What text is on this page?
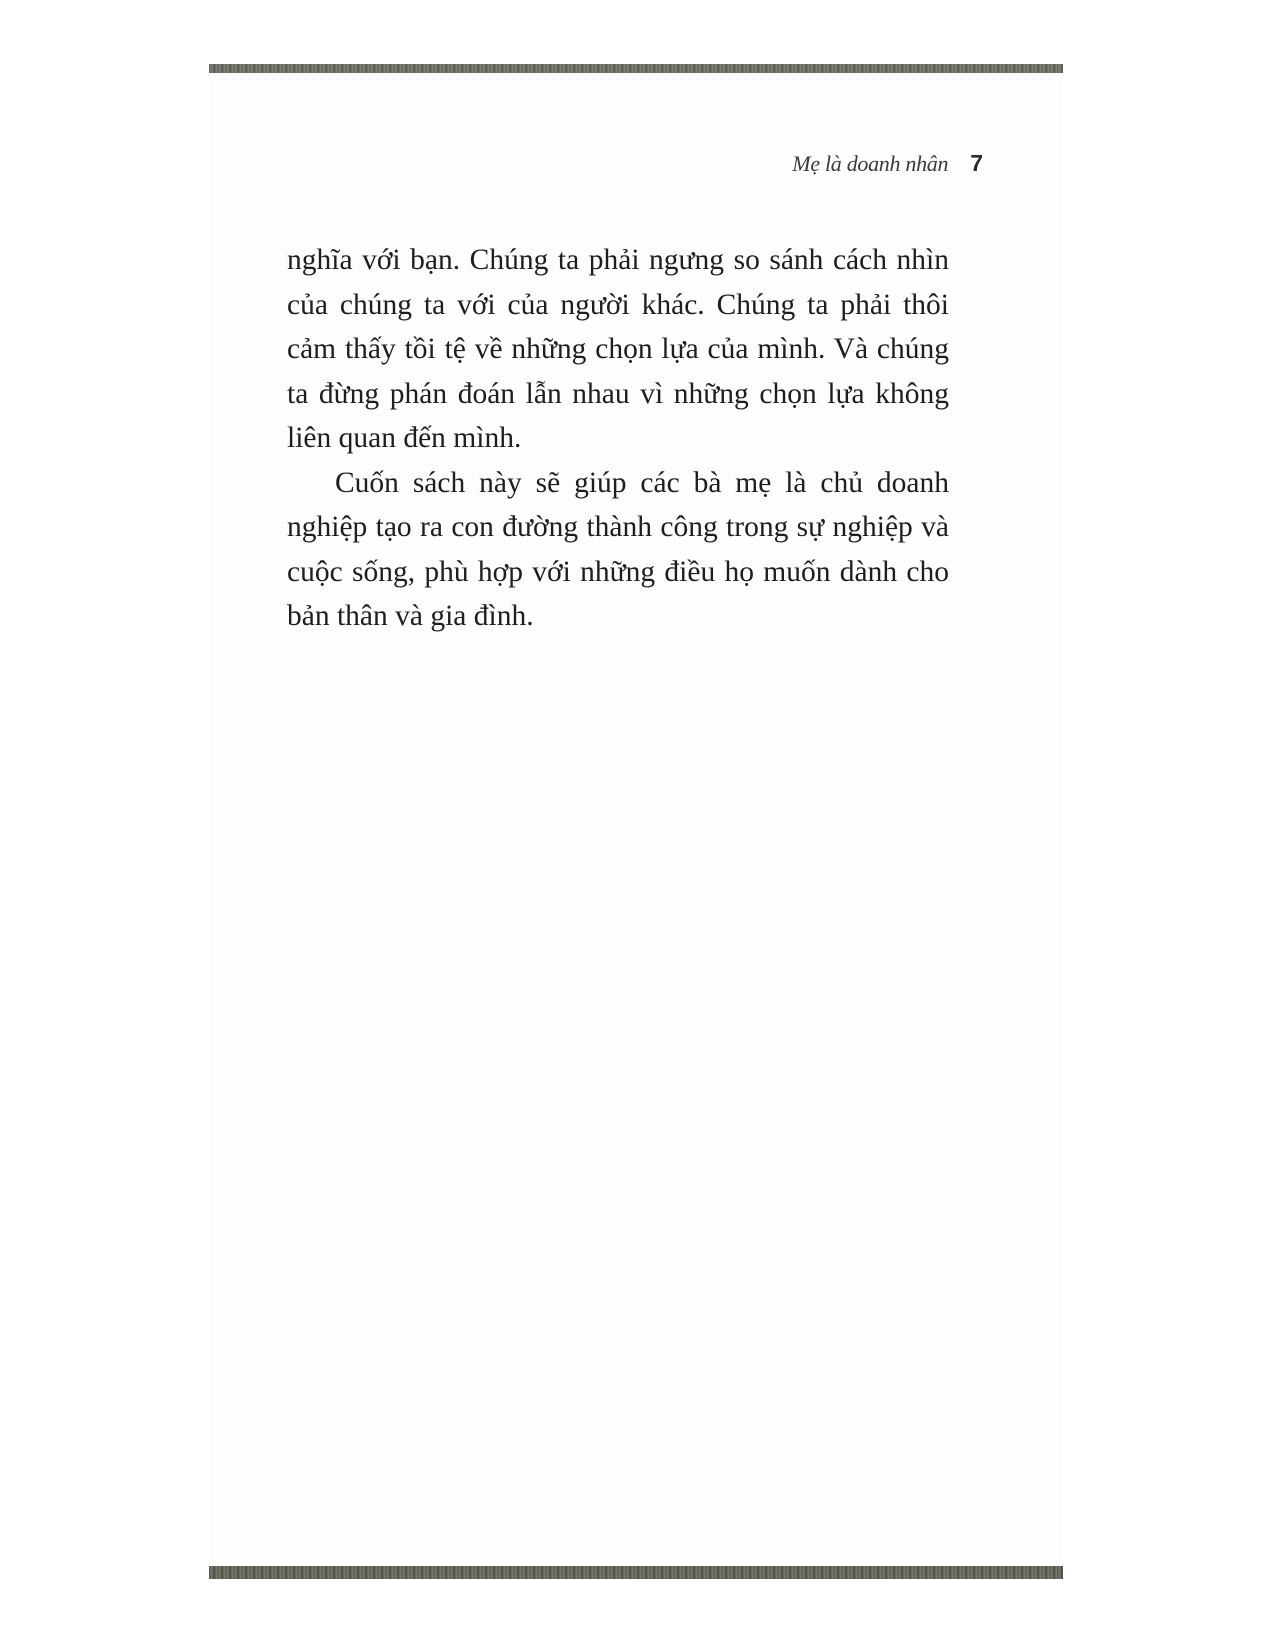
Mẹ là doanh nhân 7

nghĩa với bạn. Chúng ta phải ngưng so sánh cách nhìn của chúng ta với của người khác. Chúng ta phải thôi cảm thấy tồi tệ về những chọn lựa của mình. Và chúng ta đừng phán đoán lẫn nhau vì những chọn lựa không liên quan đến mình.

Cuốn sách này sẽ giúp các bà mẹ là chủ doanh nghiệp tạo ra con đường thành công trong sự nghiệp và cuộc sống, phù hợp với những điều họ muốn dành cho bản thân và gia đình.
